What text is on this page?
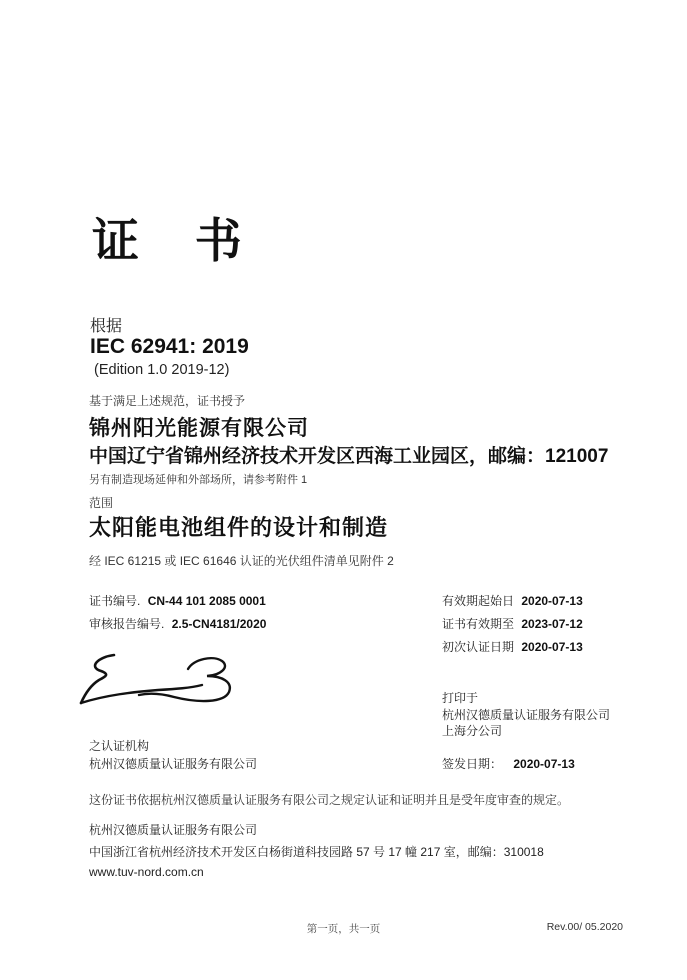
证 书
根据
IEC 62941: 2019
(Edition 1.0 2019-12)
基于满足上述规范，证书授予
锦州阳光能源有限公司
中国辽宁省锦州经济技术开发区西海工业园区，邮编：121007
另有制造现场延伸和外部场所，请参考附件 1
范围
太阳能电池组件的设计和制造
经 IEC 61215 或 IEC 61646 认证的光伏组件清单见附件 2
证书编号. CN-44 101 2085 0001
审核报告编号. 2.5-CN4181/2020
有效期起始日 2020-07-13
证书有效期至 2023-07-12
初次认证日期 2020-07-13
打印于
杭州汉德质量认证服务有限公司
上海分公司
之认证机构
杭州汉德质量认证服务有限公司	签发日期： 2020-07-13
这份证书依据杭州汉德质量认证服务有限公司之规定认证和证明并且是受年度审查的规定。
杭州汉德质量认证服务有限公司
中国浙江省杭州经济技术开发区白杨街道科技园路 57 号 17 幢 217 室，邮编：310018
www.tuv-nord.com.cn
第一页，共一页	Rev.00/ 05.2020
